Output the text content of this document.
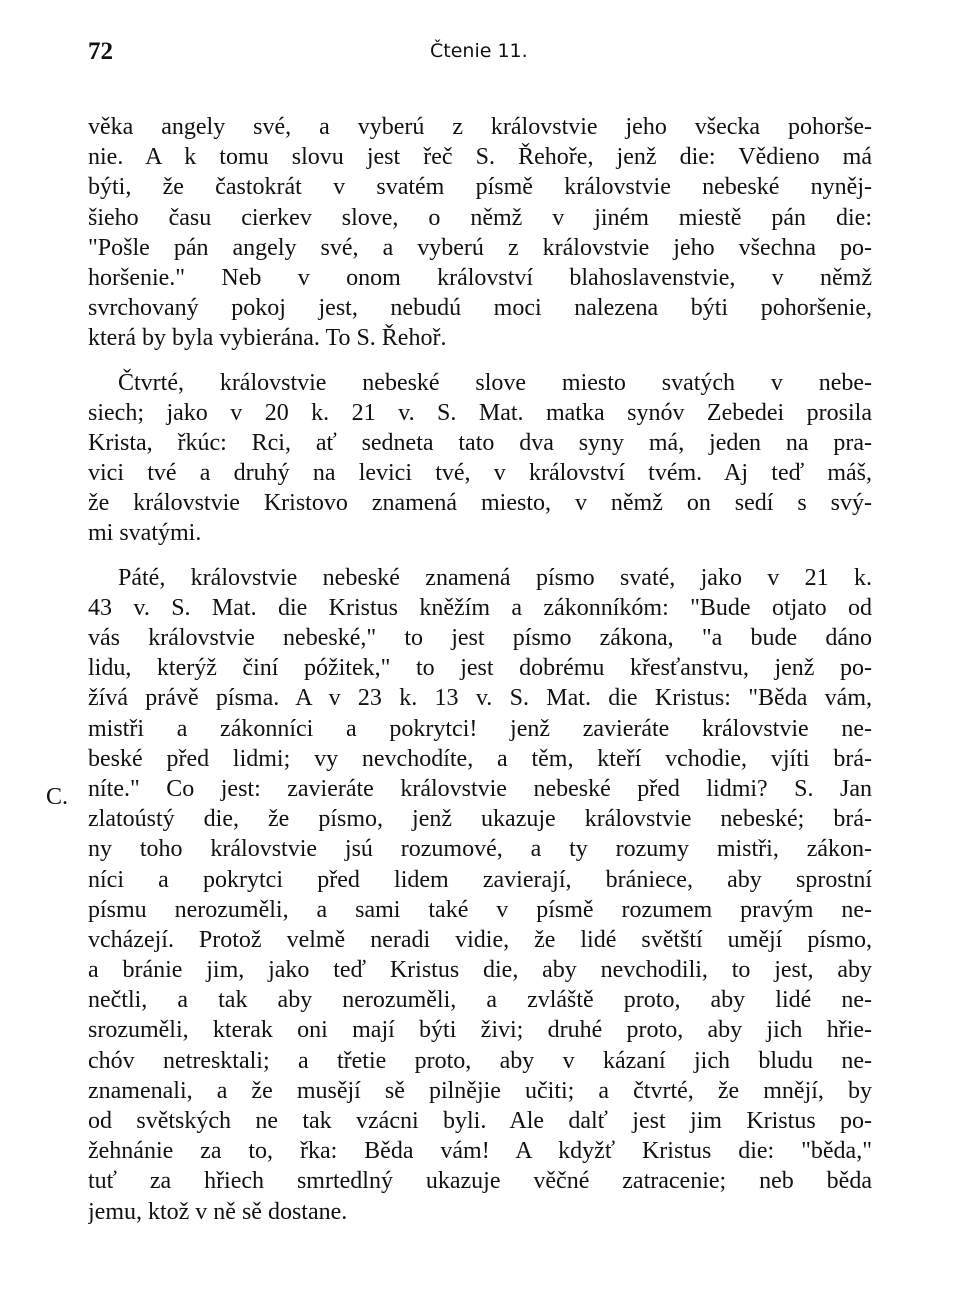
72	Čtenie 11.
C.
věka angely své, a vyberú z královstvie jeho všecka pohorše-
nie. A k tomu slovu jest řeč S. Řehoře, jenž die: Vědieno má
býti, že častokrát v svatém písmě královstvie nebeské nyněj-
šieho času cierkev slove, o němž v jiném miestě pán die:
"Pošle pán angely své, a vyberú z královstvie jeho všechna po-
horšenie." Neb v onom království blahoslavenstvie, v němž
svrchovaný pokoj jest, nebudú moci nalezena býti pohoršenie,
která by byla vybierána. To S. Řehoř.
Čtvrté, královstvie nebeské slove miesto svatých v nebe-
siech; jako v 20 k. 21 v. S. Mat. matka synóv Zebedei prosila
Krista, řkúc: Rci, ať sedneta tato dva syny má, jeden na pra-
vici tvé a druhý na levici tvé, v království tvém. Aj teď máš,
že královstvie Kristovo znamená miesto, v němž on sedí s svý-
mi svatými.
Páté, královstvie nebeské znamená písmo svaté, jako v 21 k.
43 v. S. Mat. die Kristus kněžím a zákonníkóm: "Bude otjato od
vás královstvie nebeské," to jest písmo zákona, "a bude dáno
lidu, kterýž činí póžitek," to jest dobrému křesťanstvu, jenž po-
žívá právě písma. A v 23 k. 13 v. S. Mat. die Kristus: "Běda vám,
mistři a zákonníci a pokrytci! jenž zavieráte královstvie ne-
beské před lidmi; vy nevchodíte, a těm, kteří vchodie, vjíti brá-
níte." Co jest: zavieráte královstvie nebeské před lidmi? S. Jan
zlatoústý die, že písmo, jenž ukazuje královstvie nebeské; brá-
ny toho královstvie jsú rozumové, a ty rozumy mistři, zákon-
níci a pokrytci před lidem zavierají, brániece, aby sprostní
písmu nerozuměli, a sami také v písmě rozumem pravým ne-
vcházejí. Protož velmě neradi vidie, že lidé světští umějí písmo,
a bránie jim, jako teď Kristus die, aby nevchodili, to jest, aby
nečtli, a tak aby nerozuměli, a zvláště proto, aby lidé ne-
srozuměli, kterak oni mají býti živi; druhé proto, aby jich hřie-
chóv netresktali; a třetie proto, aby v kázaní jich bludu ne-
znamenali, a že musějí sě pilnějie učiti; a čtvrté, že mnějí, by
od světských ne tak vzácni byli. Ale dalť jest jim Kristus po-
žehnánie za to, řka: Běda vám! A kdyžť Kristus die: "běda,"
tuť za hřiech smrtedlný ukazuje věčné zatracenie; neb běda
jemu, ktož v ně sě dostane.
